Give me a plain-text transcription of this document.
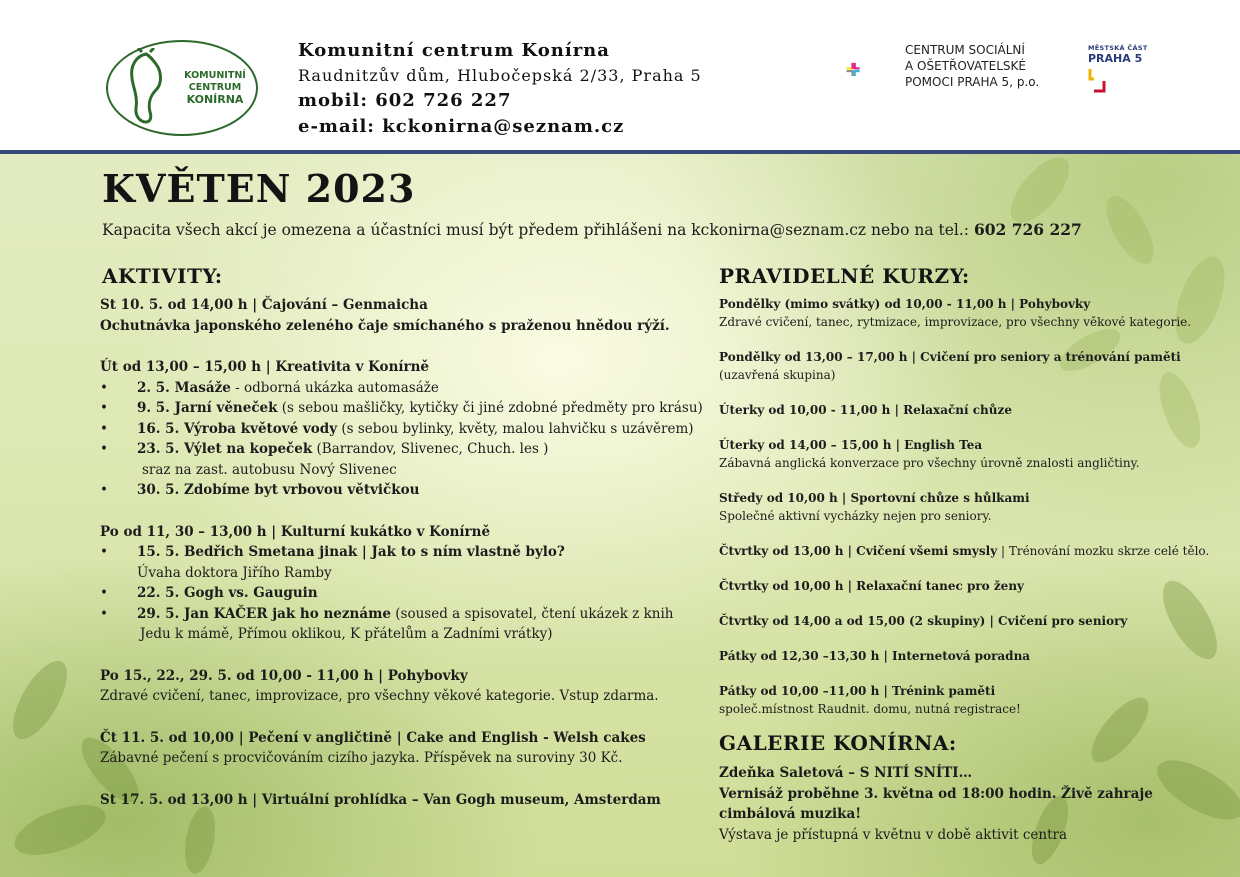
KOMUNITNÍ
CENTRUM
KONÍRNA
Komunitní centrum Konírna
Raudnitzův dům, Hlubočepská 2/33, Praha 5
mobil: 602 726 227
e-mail: kckonirna@seznam.cz
CENTRUM SOCIÁLNÍ
A OŠETŘOVATELSKÉ
POMOCI PRAHA 5, p.o.
MĚSTSKÁ ČÁST
PRAHA 5
KVĚTEN 2023
Kapacita všech akcí je omezena a účastníci musí být předem přihlášeni na kckonirna@seznam.cz nebo na tel.: 602 726 227
AKTIVITY:
St 10. 5. od 14,00 h | Čajování – Genmaicha
Ochutnávka japonského zeleného čaje smíchaného s praženou hnědou rýží.
Út od 13,00 – 15,00 h | Kreativita v Konírně
• 2. 5. Masáže - odborná ukázka automasáže
• 9. 5. Jarní věneček (s sebou mašličky, kytičky či jiné zdobné předměty pro krásu)
• 16. 5. Výroba květové vody (s sebou bylinky, květy, malou lahvičku s uzávěrem)
• 23. 5. Výlet na kopeček (Barrandov, Slivenec, Chuch. les )
sraz na zast. autobusu Nový Slivenec
• 30. 5. Zdobíme byt vrbovou větvičkou
Po od 11, 30 – 13,00 h | Kulturní kukátko v Konírně
• 15. 5. Bedřich Smetana jinak | Jak to s ním vlastně bylo?
Úvaha doktora Jiřího Ramby
• 22. 5. Gogh vs. Gauguin
• 29. 5. Jan KAČER jak ho neznáme (soused a spisovatel, čtení ukázek z knih
Jedu k mámě, Přímou oklikou, K přátelům a Zadními vrátky)
Po 15., 22., 29. 5. od 10,00 - 11,00 h | Pohybovky
Zdravé cvičení, tanec, improvizace, pro všechny věkové kategorie. Vstup zdarma.
Čt 11. 5. od 10,00 | Pečení v angličtině | Cake and English - Welsh cakes
Zábavné pečení s procvičováním cizího jazyka. Příspěvek na suroviny 30 Kč.
St 17. 5. od 13,00 h | Virtuální prohlídka – Van Gogh museum, Amsterdam
PRAVIDELNÉ KURZY:
Pondělky (mimo svátky) od 10,00 - 11,00 h | Pohybovky
Zdravé cvičení, tanec, rytmizace, improvizace, pro všechny věkové kategorie.
Pondělky od 13,00 – 17,00 h | Cvičení pro seniory a trénování paměti
(uzavřená skupina)
Úterky od 10,00 - 11,00 h | Relaxační chůze
Úterky od 14,00 – 15,00 h | English Tea
Zábavná anglická konverzace pro všechny úrovně znalosti angličtiny.
Středy od 10,00 h | Sportovní chůze s hůlkami
Společné aktivní vycházky nejen pro seniory.
Čtvrtky od 13,00 h | Cvičení všemi smysly | Trénování mozku skrze celé tělo.
Čtvrtky od 10,00 h | Relaxační tanec pro ženy
Čtvrtky od 14,00 a od 15,00 (2 skupiny) | Cvičení pro seniory
Pátky od 12,30 –13,30 h | Internetová poradna
Pátky od 10,00 –11,00 h | Trénink paměti
společ.místnost Raudnit. domu, nutná registrace!
GALERIE KONÍRNA:
Zdeňka Saletová – S NITÍ SNÍTI…
Vernisáž proběhne 3. května od 18:00 hodin. Živě zahraje
cimbálová muzika!
Výstava je přístupná v květnu v době aktivit centra
